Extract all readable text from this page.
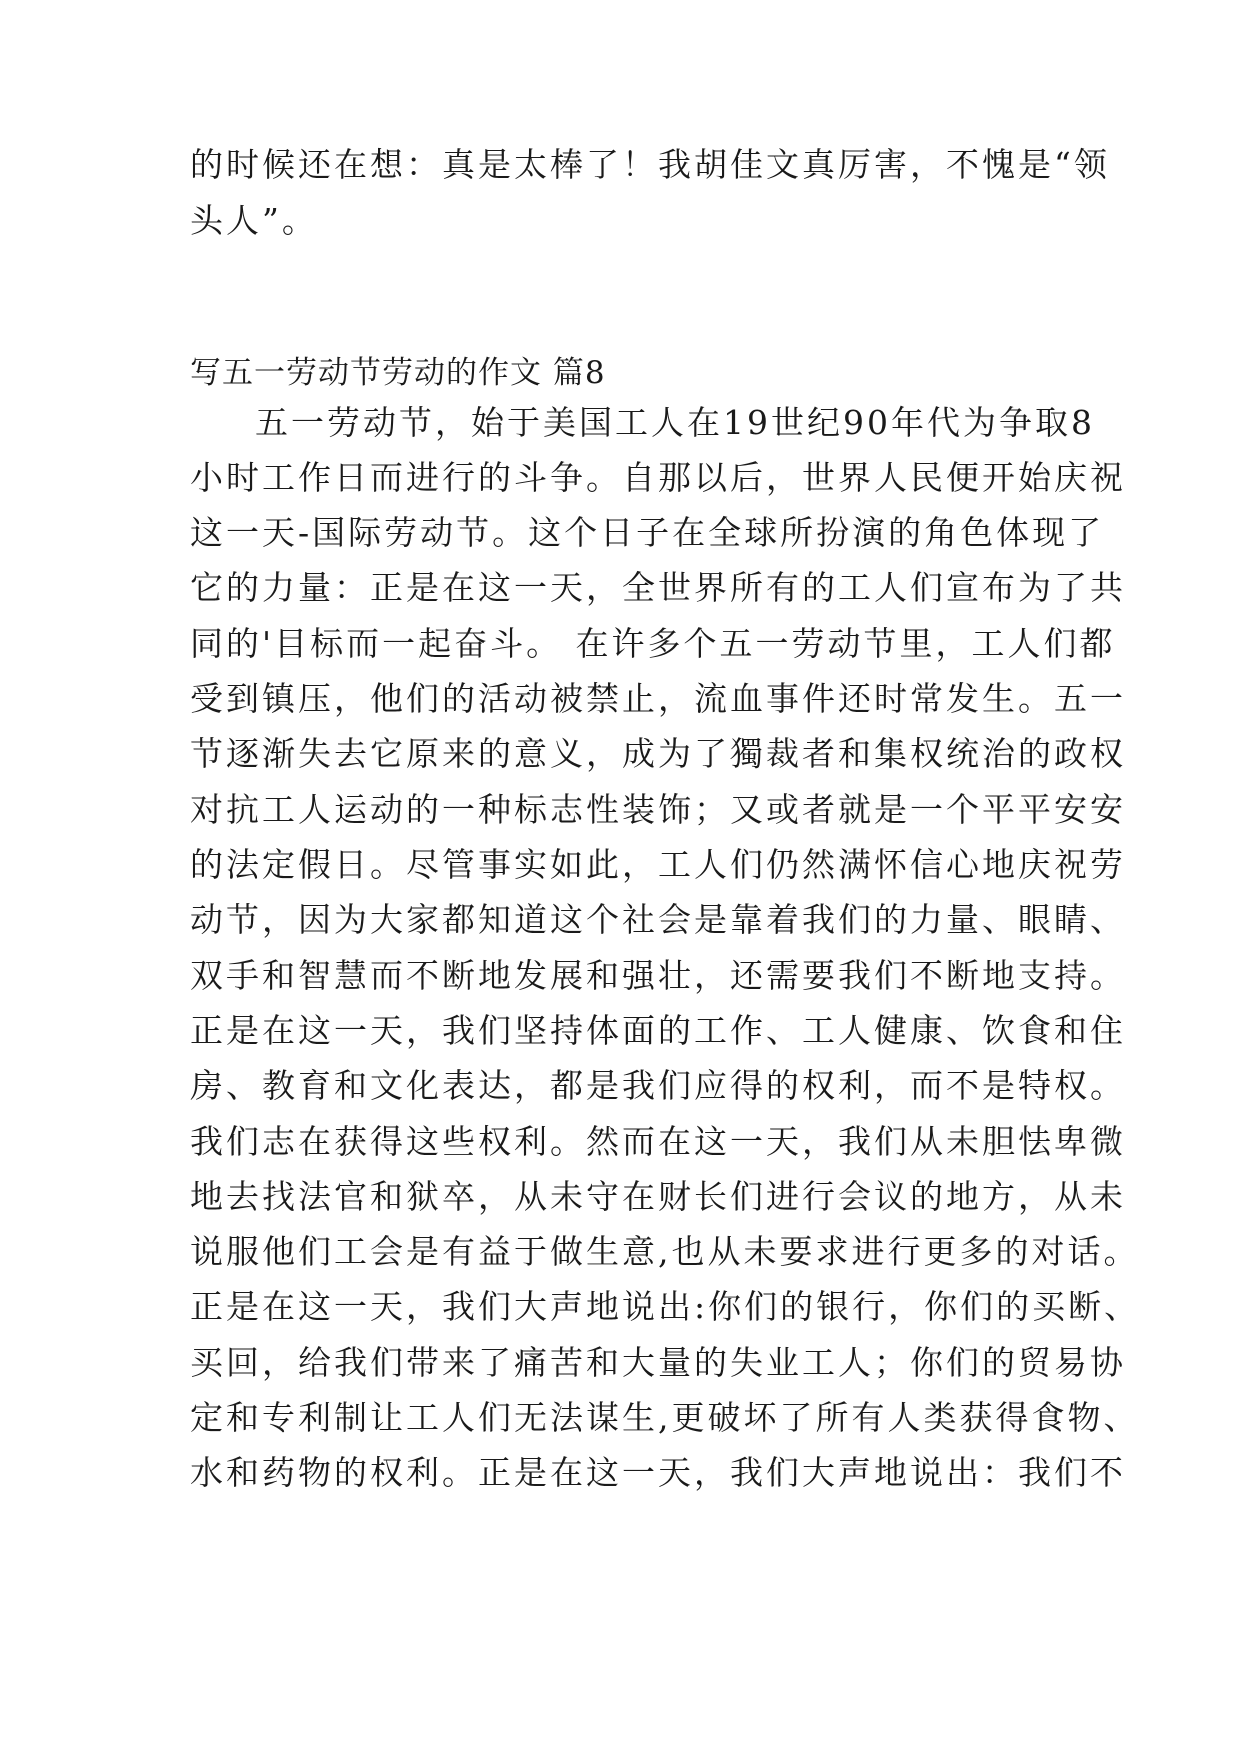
的时候还在想：真是太棒了！我胡佳文真厉害，不愧是“领
头人”。
写五一劳动节劳动的作文 篇8
五一劳动节，始于美国工人在19世纪90年代为争取8
小时工作日而进行的斗争。自那以后，世界人民便开始庆祝
这一天-国际劳动节。这个日子在全球所扮演的角色体现了
它的力量：正是在这一天，全世界所有的工人们宣布为了共
同的'目标而一起奋斗。 在许多个五一劳动节里，工人们都
受到镇压，他们的活动被禁止，流血事件还时常发生。五一
节逐渐失去它原来的意义，成为了獨裁者和集权统治的政权
对抗工人运动的一种标志性装饰；又或者就是一个平平安安
的法定假日。尽管事实如此，工人们仍然满怀信心地庆祝劳
动节，因为大家都知道这个社会是靠着我们的力量、眼睛、
双手和智慧而不断地发展和强壮，还需要我们不断地支持。
正是在这一天，我们坚持体面的工作、工人健康、饮食和住
房、教育和文化表达，都是我们应得的权利，而不是特权。
我们志在获得这些权利。然而在这一天，我们从未胆怯卑微
地去找法官和狱卒，从未守在财长们进行会议的地方，从未
说服他们工会是有益于做生意,也从未要求进行更多的对话。
正是在这一天，我们大声地说出:你们的银行，你们的买断、
买回，给我们带来了痛苦和大量的失业工人；你们的贸易协
定和专利制让工人们无法谋生,更破坏了所有人类获得食物、
水和药物的权利。正是在这一天，我们大声地说出：我们不
